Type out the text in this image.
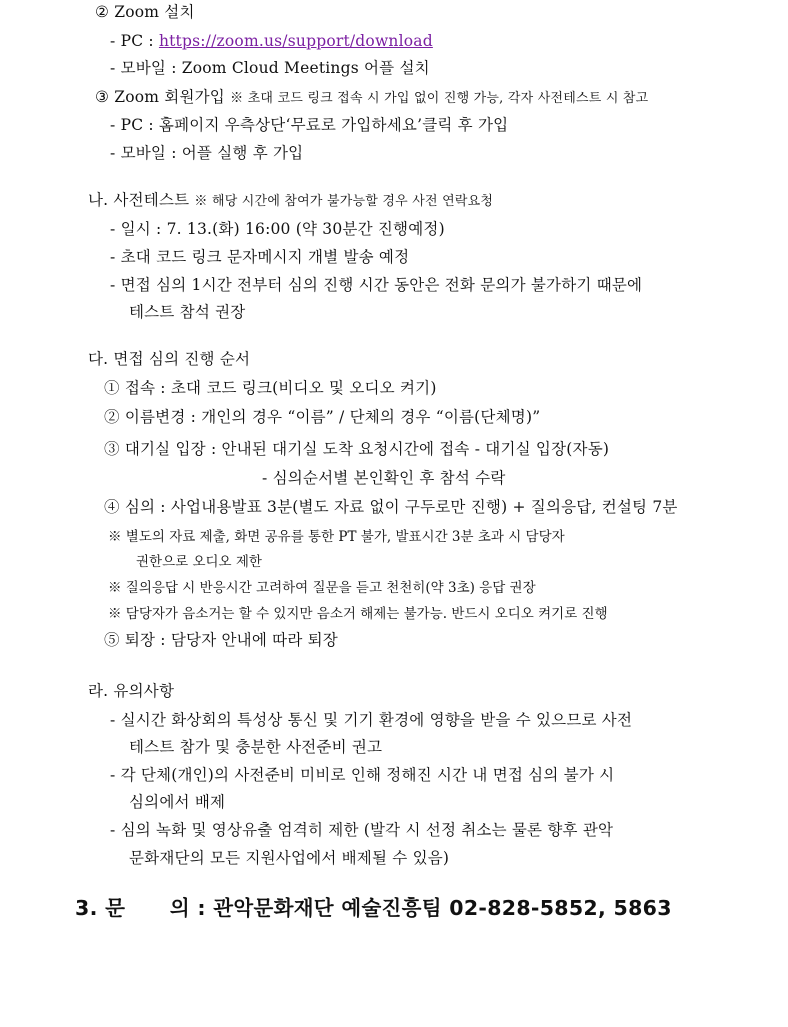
② Zoom 설치
- PC : https://zoom.us/support/download
- 모바일 : Zoom Cloud Meetings 어플 설치
③ Zoom 회원가입 ※ 초대 코드 링크 접속 시 가입 없이 진행 가능, 각자 사전테스트 시 참고
- PC : 홈페이지 우측상단‘무료로 가입하세요’클릭 후 가입
- 모바일 : 어플 실행 후 가입
나. 사전테스트 ※ 해당 시간에 참여가 불가능할 경우 사전 연락요청
- 일시 : 7. 13.(화) 16:00 (약 30분간 진행예정)
- 초대 코드 링크 문자메시지 개별 발송 예정
- 면접 심의 1시간 전부터 심의 진행 시간 동안은 전화 문의가 불가하기 때문에
테스트 참석 권장
다. 면접 심의 진행 순서
① 접속 : 초대 코드 링크(비디오 및 오디오 켜기)
② 이름변경 : 개인의 경우 “이름” / 단체의 경우 “이름(단체명)”
③ 대기실 입장 : 안내된 대기실 도착 요청시간에 접속 - 대기실 입장(자동)
- 심의순서별 본인확인 후 참석 수락
④ 심의 : 사업내용발표 3분(별도 자료 없이 구두로만 진행) + 질의응답, 컨설팅 7분
※ 별도의 자료 제출, 화면 공유를 통한 PT 불가, 발표시간 3분 초과 시 담당자
권한으로 오디오 제한
※ 질의응답 시 반응시간 고려하여 질문을 듣고 천천히(약 3초) 응답 권장
※ 담당자가 음소거는 할 수 있지만 음소거 해제는 불가능. 반드시 오디오 켜기로 진행
⑤ 퇴장 : 담당자 안내에 따라 퇴장
라. 유의사항
- 실시간 화상회의 특성상 통신 및 기기 환경에 영향을 받을 수 있으므로 사전
테스트 참가 및 충분한 사전준비 권고
- 각 단체(개인)의 사전준비 미비로 인해 정해진 시간 내 면접 심의 불가 시
심의에서 배제
- 심의 녹화 및 영상유출 엄격히 제한 (발각 시 선정 취소는 물론 향후 관악
문화재단의 모든 지원사업에서 배제될 수 있음)
3. 문      의 : 관악문화재단 예술진흥팀 02-828-5852, 5863
